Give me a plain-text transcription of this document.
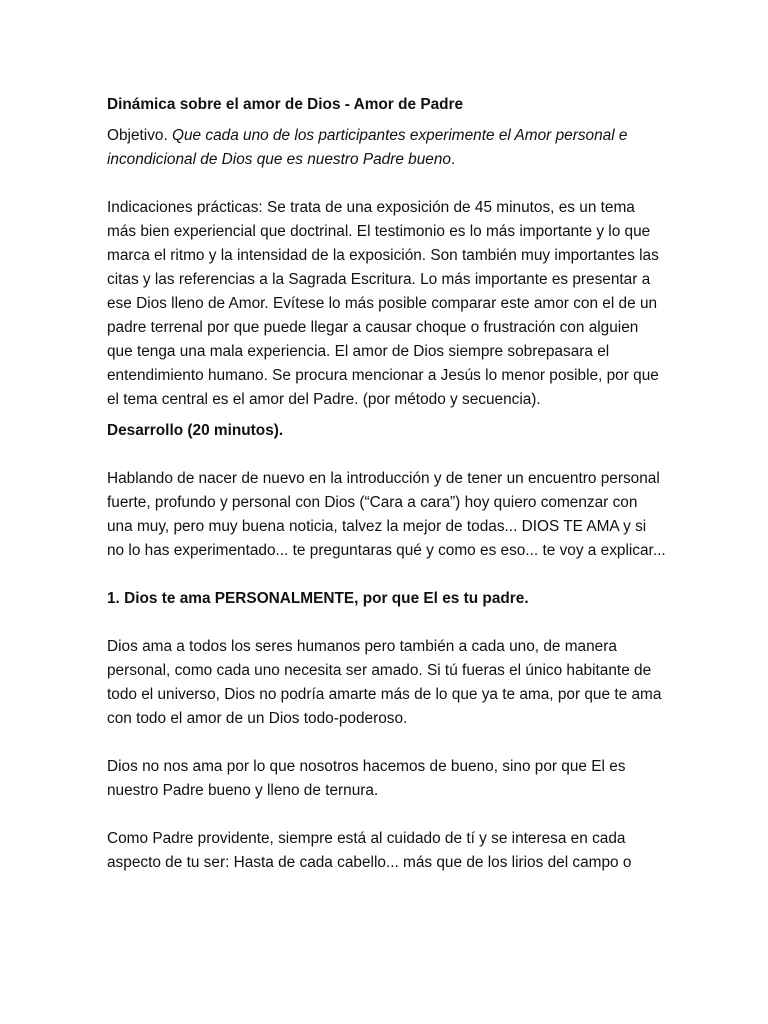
Dinámica sobre el amor de Dios - Amor de Padre

Objetivo. Que cada uno de los participantes experimente el Amor personal e incondicional de Dios que es nuestro Padre bueno.

Indicaciones prácticas: Se trata de una exposición de 45 minutos, es un tema más bien experiencial que doctrinal. El testimonio es lo más importante y lo que marca el ritmo y la intensidad de la exposición. Son también muy importantes las citas y las referencias a la Sagrada Escritura. Lo más importante es presentar a ese Dios lleno de Amor. Evítese lo más posible comparar este amor con el de un padre terrenal por que puede llegar a causar choque o frustración con alguien que tenga una mala experiencia. El amor de Dios siempre sobrepasara el entendimiento humano. Se procura mencionar a Jesús lo menor posible, por que el tema central es el amor del Padre. (por método y secuencia).

Desarrollo (20 minutos).

Hablando de nacer de nuevo en la introducción y de tener un encuentro personal fuerte, profundo y personal con Dios (“Cara a cara”) hoy quiero comenzar con una muy, pero muy buena noticia, talvez la mejor de todas... DIOS TE AMA y si no lo has experimentado... te preguntaras qué y como es eso... te voy a explicar...

1. Dios te ama PERSONALMENTE, por que El es tu padre.

Dios ama a todos los seres humanos pero también a cada uno, de manera personal, como cada uno necesita ser amado. Si tú fueras el único habitante de todo el universo, Dios no podría amarte más de lo que ya te ama, por que te ama con todo el amor de un Dios todo-poderoso.

Dios no nos ama por lo que nosotros hacemos de bueno, sino por que El es nuestro Padre bueno y lleno de ternura.

Como Padre providente, siempre está al cuidado de tí y se interesa en cada aspecto de tu ser: Hasta de cada cabello... más que de los lirios del campo o
